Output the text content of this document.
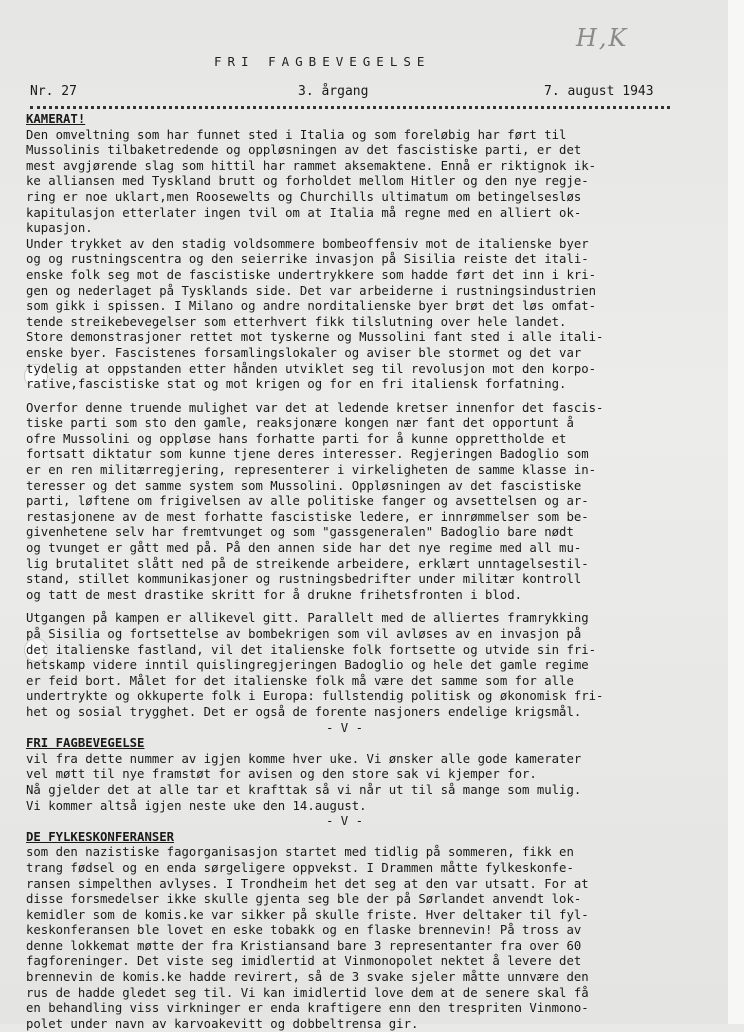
H,K
FRI FAGBEVEGELSE
Nr. 27	3. årgang	7. august 1943

KAMERAT!

Den omveltning som har funnet sted i Italia og som foreløbig har ført til

Mussolinis tilbaketredende og oppløsningen av det fascistiske parti, er det

mest avgjørende slag som hittil har rammet aksemaktene. Ennå er riktignok ik-

ke alliansen med Tyskland brutt og forholdet mellom Hitler og den nye regje-

ring er noe uklart,men Roosewelts og Churchills ultimatum om betingelsesløs

kapitulasjon etterlater ingen tvil om at Italia må regne med en alliert ok-

kupasjon.

Under trykket av den stadig voldsommere bombeoffensiv mot de italienske byer

og og rustningscentra og den seierrike invasjon på Sisilia reiste det itali-

enske folk seg mot de fascistiske undertrykkere som hadde ført det inn i kri-

gen og nederlaget på Tysklands side. Det var arbeiderne i rustningsindustrien

som gikk i spissen. I Milano og andre norditalienske byer brøt det løs omfat-

tende streikebevegelser som etterhvert fikk tilslutning over hele landet.

Store demonstrasjoner rettet mot tyskerne og Mussolini fant sted i alle itali-

enske byer. Fascistenes forsamlingslokaler og aviser ble stormet og det var

tydelig at oppstanden etter hånden utviklet seg til revolusjon mot den korpo-

rative,fascistiske stat og mot krigen og for en fri italiensk forfatning.

Overfor denne truende mulighet var det at ledende kretser innenfor det fascis-

tiske parti som sto den gamle, reaksjonære kongen nær fant det opportunt å

ofre Mussolini og oppløse hans forhatte parti for å kunne opprettholde et

fortsatt diktatur som kunne tjene deres interesser. Regjeringen Badoglio som

er en ren militærregjering, representerer i virkeligheten de samme klasse in-

teresser og det samme system som Mussolini. Oppløsningen av det fascistiske

parti, løftene om frigivelsen av alle politiske fanger og avsettelsen og ar-

restasjonene av de mest forhatte fascistiske ledere, er innrømmelser som be-

givenhetene selv har fremtvunget og som "gassgeneralen" Badoglio bare nødt

og tvunget er gått med på. På den annen side har det nye regime med all mu-

lig brutalitet slått ned på de streikende arbeidere, erklært unntagelsestil-

stand, stillet kommunikasjoner og rustningsbedrifter under militær kontroll

og tatt de mest drastike skritt for å drukne frihetsfronten i blod.

Utgangen på kampen er allikevel gitt. Parallelt med de alliertes framrykking

på Sisilia og fortsettelse av bombekrigen som vil avløses av en invasjon på

det italienske fastland, vil det italienske folk fortsette og utvide sin fri-

hetskamp videre inntil quislingregjeringen Badoglio og hele det gamle regime

er feid bort. Målet for det italienske folk må være det samme som for alle

undertrykte og okkuperte folk i Europa: fullstendig politisk og økonomisk fri-

het og sosial trygghet. Det er også de forente nasjoners endelige krigsmål.

- V -

FRI FAGBEVEGELSE

vil fra dette nummer av igjen komme hver uke. Vi ønsker alle gode kamerater

vel møtt til nye framstøt for avisen og den store sak vi kjemper for.

Nå gjelder det at alle tar et krafttak så vi når ut til så mange som mulig.

Vi kommer altså igjen neste uke den 14.august.

- V -

DE FYLKESKONFERANSER

som den nazistiske fagorganisasjon startet med tidlig på sommeren, fikk en

trang fødsel og en enda sørgeligere oppvekst. I Drammen måtte fylkeskonfe-

ransen simpelthen avlyses. I Trondheim het det seg at den var utsatt. For at

disse forsmedelser ikke skulle gjenta seg ble der på Sørlandet anvendt lok-

kemidler som de komis.ke var sikker på skulle friste. Hver deltaker til fyl-

keskonferansen ble lovet en eske tobakk og en flaske brennevin! På tross av

denne lokkemat møtte der fra Kristiansand bare 3 representanter fra over 60

fagforeninger. Det viste seg imidlertid at Vinmonopolet nektet å levere det

brennevin de komis.ke hadde revirert, så de 3 svake sjeler måtte unnvære den

rus de hadde gledet seg til. Vi kan imidlertid love dem at de senere skal få

en behandling viss virkninger er enda kraftigere enn den trespriten Vinmono-

polet under navn av karvoakevitt og dobbeltrensa gir.
